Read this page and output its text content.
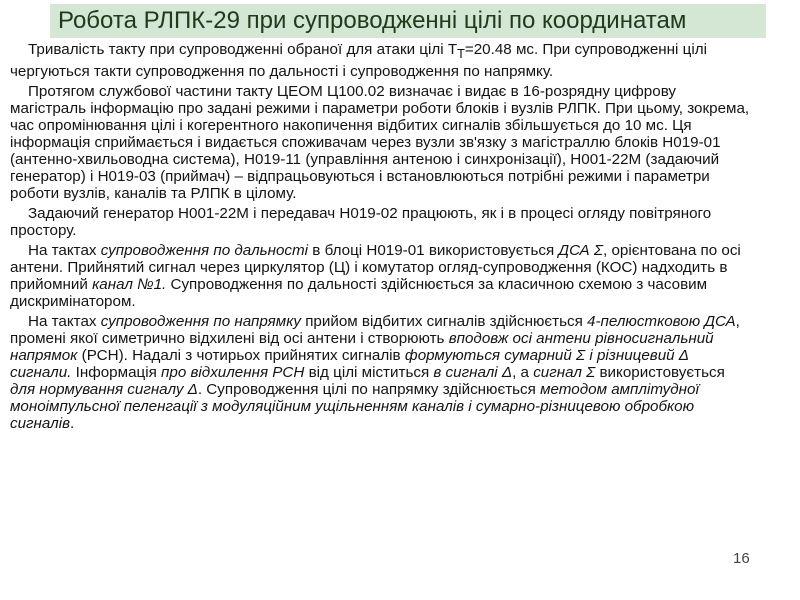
Робота РЛПК-29 при супроводженні цілі по координатам

Тривалість такту при супроводженні обраної для атаки цілі $T_Т=20.48$ мс. При супроводженні цілі чергуються такти супроводження по дальності і супроводження по напрямку.

Протягом службової частини такту ЦЕОМ Ц100.02 визначає і видає в 16-розрядну цифрову магістраль інформацію про задані режими і параметри роботи блоків і вузлів РЛПК. При цьому, зокрема, час опромінювання цілі і когерентного накопичення відбитих сигналів збільшується до 10 мс. Ця інформація сприймається і видається споживачам через вузли зв'язку з магістраллю блоків Н019-01 (антенно-хвильоводна система), Н019-11 (управління антеною і синхронізації), Н001-22М (задаючий генератор) і Н019-03 (приймач) – відпрацьовуються і встановлюються потрібні режими і параметри роботи вузлів, каналів та РЛПК в цілому.

Задаючий генератор Н001-22М і передавач Н019-02 працюють, як і в процесі огляду повітряного простору.

На тактах супроводження по дальності в блоці Н019-01 використовується ДСА Σ, орієнтована по осі антени. Прийнятий сигнал через циркулятор (Ц) і комутатор огляд-супроводження (КОС) надходить в прийомний канал №1. Супроводження по дальності здійснюється за класичною схемою з часовим дискримінатором.

На тактах супроводження по напрямку прийом відбитих сигналів здійснюється 4-пелюстковою ДСА, промені якої симетрично відхилені від осі антени і створюють вподовж осі антени рівносигнальний напрямок (РСН). Надалі з чотирьох прийнятих сигналів формуються сумарний Σ і різницевий Δ сигнали. Інформація про відхилення РСН від цілі міститься в сигналі Δ, а сигнал Σ використовується для нормування сигналу Δ. Супроводження цілі по напрямку здійснюється методом амплітудної моноімпульсної пеленгації з модуляційним ущільненням каналів і сумарно-різницевою обробкою сигналів.

16
